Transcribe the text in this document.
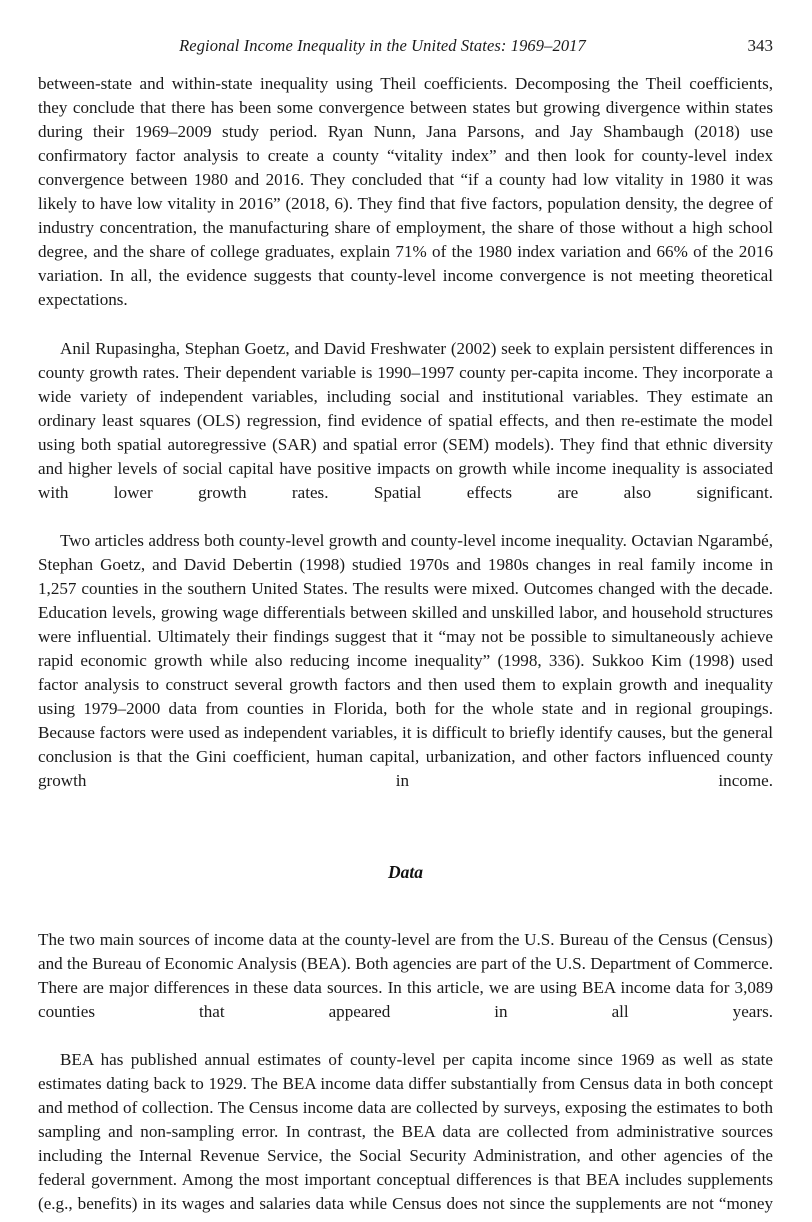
Regional Income Inequality in the United States: 1969–2017	343

between-state and within-state inequality using Theil coefficients. Decomposing the Theil coefficients, they conclude that there has been some convergence between states but growing divergence within states during their 1969–2009 study period. Ryan Nunn, Jana Parsons, and Jay Shambaugh (2018) use confirmatory factor analysis to create a county “vitality index” and then look for county-level index convergence between 1980 and 2016. They concluded that “if a county had low vitality in 1980 it was likely to have low vitality in 2016” (2018, 6). They find that five factors, population density, the degree of industry concentration, the manufacturing share of employment, the share of those without a high school degree, and the share of college graduates, explain 71% of the 1980 index variation and 66% of the 2016 variation. In all, the evidence suggests that county-level income convergence is not meeting theoretical expectations.

Anil Rupasingha, Stephan Goetz, and David Freshwater (2002) seek to explain persistent differences in county growth rates. Their dependent variable is 1990–1997 county per-capita income. They incorporate a wide variety of independent variables, including social and institutional variables. They estimate an ordinary least squares (OLS) regression, find evidence of spatial effects, and then re-estimate the model using both spatial autoregressive (SAR) and spatial error (SEM) models). They find that ethnic diversity and higher levels of social capital have positive impacts on growth while income inequality is associated with lower growth rates. Spatial effects are also significant.

Two articles address both county-level growth and county-level income inequality. Octavian Ngarambé, Stephan Goetz, and David Debertin (1998) studied 1970s and 1980s changes in real family income in 1,257 counties in the southern United States. The results were mixed. Outcomes changed with the decade. Education levels, growing wage differentials between skilled and unskilled labor, and household structures were influential. Ultimately their findings suggest that it “may not be possible to simultaneously achieve rapid economic growth while also reducing income inequality” (1998, 336). Sukkoo Kim (1998) used factor analysis to construct several growth factors and then used them to explain growth and inequality using 1979–2000 data from counties in Florida, both for the whole state and in regional groupings. Because factors were used as independent variables, it is difficult to briefly identify causes, but the general conclusion is that the Gini coefficient, human capital, urbanization, and other factors influenced county growth in income.

Data

The two main sources of income data at the county-level are from the U.S. Bureau of the Census (Census) and the Bureau of Economic Analysis (BEA). Both agencies are part of the U.S. Department of Commerce. There are major differences in these data sources. In this article, we are using BEA income data for 3,089 counties that appeared in all years.

BEA has published annual estimates of county-level per capita income since 1969 as well as state estimates dating back to 1929. The BEA income data differ substantially from Census data in both concept and method of collection. The Census income data are collected by surveys, exposing the estimates to both sampling and non-sampling error. In contrast, the BEA data are collected from administrative sources including the Internal Revenue Service, the Social Security Administration, and other agencies of the federal government. Among the most important conceptual differences is that BEA includes supplements (e.g., benefits) in its wages and salaries data while Census does not since the supplements are not “money
